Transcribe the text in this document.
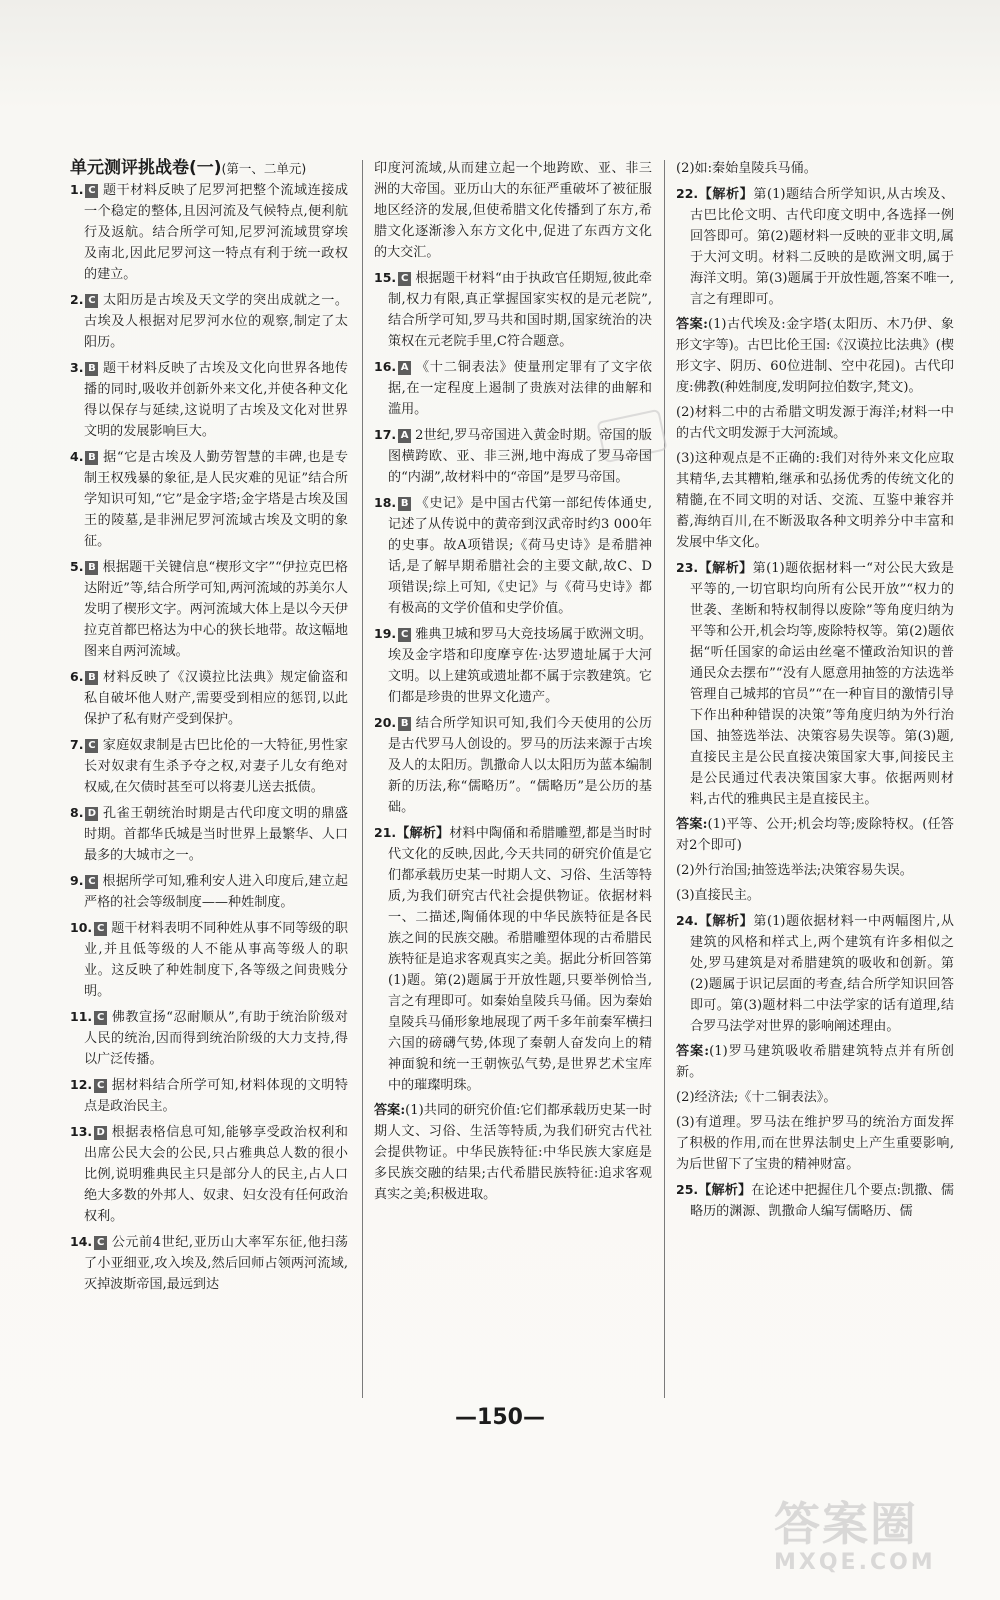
单元测评挑战卷(一)(第一、二单元)
1. C 题干材料反映了尼罗河把整个流域连接成一个稳定的整体,且因河流及气候特点,便利航行及返航。结合所学可知,尼罗河流域贯穿埃及南北,因此尼罗河这一特点有利于统一政权的建立。
2. C 太阳历是古埃及天文学的突出成就之一。古埃及人根据对尼罗河水位的观察,制定了太阳历。
3. B 题干材料反映了古埃及文化向世界各地传播的同时,吸收并创新外来文化,并使各种文化得以保存与延续,这说明了古埃及文化对世界文明的发展影响巨大。
4. B 据“它是古埃及人勤劳智慧的丰碑,也是专制王权残暴的象征,是人民灾难的见证”结合所学知识可知,“它”是金字塔;金字塔是古埃及国王的陵墓,是非洲尼罗河流域古埃及文明的象征。
5. B 根据题干关键信息“楔形文字”“伊拉克巴格达附近”等,结合所学可知,两河流域的苏美尔人发明了楔形文字。两河流域大体上是以今天伊拉克首都巴格达为中心的狭长地带。故这幅地图来自两河流域。
6. B 材料反映了《汉谟拉比法典》规定偷盗和私自破坏他人财产,需要受到相应的惩罚,以此保护了私有财产受到保护。
7. C 家庭奴隶制是古巴比伦的一大特征,男性家长对奴隶有生杀予夺之权,对妻子儿女有绝对权威,在欠债时甚至可以将妻儿送去抵债。
8. D 孔雀王朝统治时期是古代印度文明的鼎盛时期。首都华氏城是当时世界上最繁华、人口最多的大城市之一。
9. C 根据所学可知,雅利安人进入印度后,建立起严格的社会等级制度——种姓制度。
10. C 题干材料表明不同种姓从事不同等级的职业,并且低等级的人不能从事高等级人的职业。这反映了种姓制度下,各等级之间贵贱分明。
11. C 佛教宣扬“忍耐顺从”,有助于统治阶级对人民的统治,因而得到统治阶级的大力支持,得以广泛传播。
12. C 据材料结合所学可知,材料体现的文明特点是政治民主。
13. D 根据表格信息可知,能够享受政治权利和出席公民大会的公民,只占雅典总人数的很小比例,说明雅典民主只是部分人的民主,占人口绝大多数的外邦人、奴隶、妇女没有任何政治权利。
14. C 公元前4世纪,亚历山大率军东征,他扫荡了小亚细亚,攻入埃及,然后回师占领两河流域,灭掉波斯帝国,最远到达
印度河流域,从而建立起一个地跨欧、亚、非三洲的大帝国。亚历山大的东征严重破坏了被征服地区经济的发展,但使希腊文化传播到了东方,希腊文化逐渐渗入东方文化中,促进了东西方文化的大交汇。
15. C 根据题干材料“由于执政官任期短,彼此牵制,权力有限,真正掌握国家实权的是元老院”,结合所学可知,罗马共和国时期,国家统治的决策权在元老院手里,C符合题意。
16. A 《十二铜表法》使量刑定罪有了文字依据,在一定程度上遏制了贵族对法律的曲解和滥用。
17. A 2世纪,罗马帝国进入黄金时期。帝国的版图横跨欧、亚、非三洲,地中海成了罗马帝国的“内湖”,故材料中的“帝国”是罗马帝国。
18. B 《史记》是中国古代第一部纪传体通史,记述了从传说中的黄帝到汉武帝时约3 000年的史事。故A项错误;《荷马史诗》是希腊神话,是了解早期希腊社会的主要文献,故C、D项错误;综上可知,《史记》与《荷马史诗》都有极高的文学价值和史学价值。
19. C 雅典卫城和罗马大竞技场属于欧洲文明。埃及金字塔和印度摩亨佐·达罗遗址属于大河文明。以上建筑或遗址都不属于宗教建筑。它们都是珍贵的世界文化遗产。
20. B 结合所学知识可知,我们今天使用的公历是古代罗马人创设的。罗马的历法来源于古埃及人的太阳历。凯撒命人以太阳历为蓝本编制新的历法,称“儒略历”。“儒略历”是公历的基础。
21.【解析】材料中陶俑和希腊雕塑,都是当时时代文化的反映,因此,今天共同的研究价值是它们都承载历史某一时期人文、习俗、生活等特质,为我们研究古代社会提供物证。依据材料一、二描述,陶俑体现的中华民族特征是各民族之间的民族交融。希腊雕塑体现的古希腊民族特征是追求客观真实之美。据此分析回答第(1)题。第(2)题属于开放性题,只要举例恰当,言之有理即可。如秦始皇陵兵马俑。因为秦始皇陵兵马俑形象地展现了两千多年前秦军横扫六国的磅礴气势,体现了秦朝人奋发向上的精神面貌和统一王朝恢弘气势,是世界艺术宝库中的璀璨明珠。
答案:(1)共同的研究价值:它们都承载历史某一时期人文、习俗、生活等特质,为我们研究古代社会提供物证。中华民族特征:中华民族大家庭是多民族交融的结果;古代希腊民族特征:追求客观真实之美;积极进取。
(2)如:秦始皇陵兵马俑。
22.【解析】第(1)题结合所学知识,从古埃及、古巴比伦文明、古代印度文明中,各选择一例回答即可。第(2)题材料一反映的亚非文明,属于大河文明。材料二反映的是欧洲文明,属于海洋文明。第(3)题属于开放性题,答案不唯一,言之有理即可。
答案:(1)古代埃及:金字塔(太阳历、木乃伊、象形文字等)。古巴比伦王国:《汉谟拉比法典》(楔形文字、阴历、60位进制、空中花园)。古代印度:佛教(种姓制度,发明阿拉伯数字,梵文)。
(2)材料二中的古希腊文明发源于海洋;材料一中的古代文明发源于大河流域。
(3)这种观点是不正确的:我们对待外来文化应取其精华,去其糟粕,继承和弘扬优秀的传统文化的精髓,在不同文明的对话、交流、互鉴中兼容并蓄,海纳百川,在不断汲取各种文明养分中丰富和发展中华文化。
23.【解析】第(1)题依据材料一“对公民大致是平等的,一切官职均向所有公民开放”“权力的世袭、垄断和特权制得以废除”等角度归纳为平等和公开,机会均等,废除特权等。第(2)题依据“听任国家的命运由丝毫不懂政治知识的普通民众去摆布”“没有人愿意用抽签的方法选举管理自己城邦的官员”“在一种盲目的激情引导下作出种种错误的决策”等角度归纳为外行治国、抽签选举法、决策容易失误等。第(3)题,直接民主是公民直接决策国家大事,间接民主是公民通过代表决策国家大事。依据两则材料,古代的雅典民主是直接民主。
答案:(1)平等、公开;机会均等;废除特权。(任答对2个即可)
(2)外行治国;抽签选举法;决策容易失误。
(3)直接民主。
24.【解析】第(1)题依据材料一中两幅图片,从建筑的风格和样式上,两个建筑有许多相似之处,罗马建筑是对希腊建筑的吸收和创新。第(2)题属于识记层面的考查,结合所学知识回答即可。第(3)题材料二中法学家的话有道理,结合罗马法学对世界的影响阐述理由。
答案:(1)罗马建筑吸收希腊建筑特点并有所创新。
(2)经济法;《十二铜表法》。
(3)有道理。罗马法在维护罗马的统治方面发挥了积极的作用,而在世界法制史上产生重要影响,为后世留下了宝贵的精神财富。
25.【解析】在论述中把握住几个要点:凯撒、儒略历的渊源、凯撒命人编写儒略历、儒
—150—
答案圈
MXQE.COM
